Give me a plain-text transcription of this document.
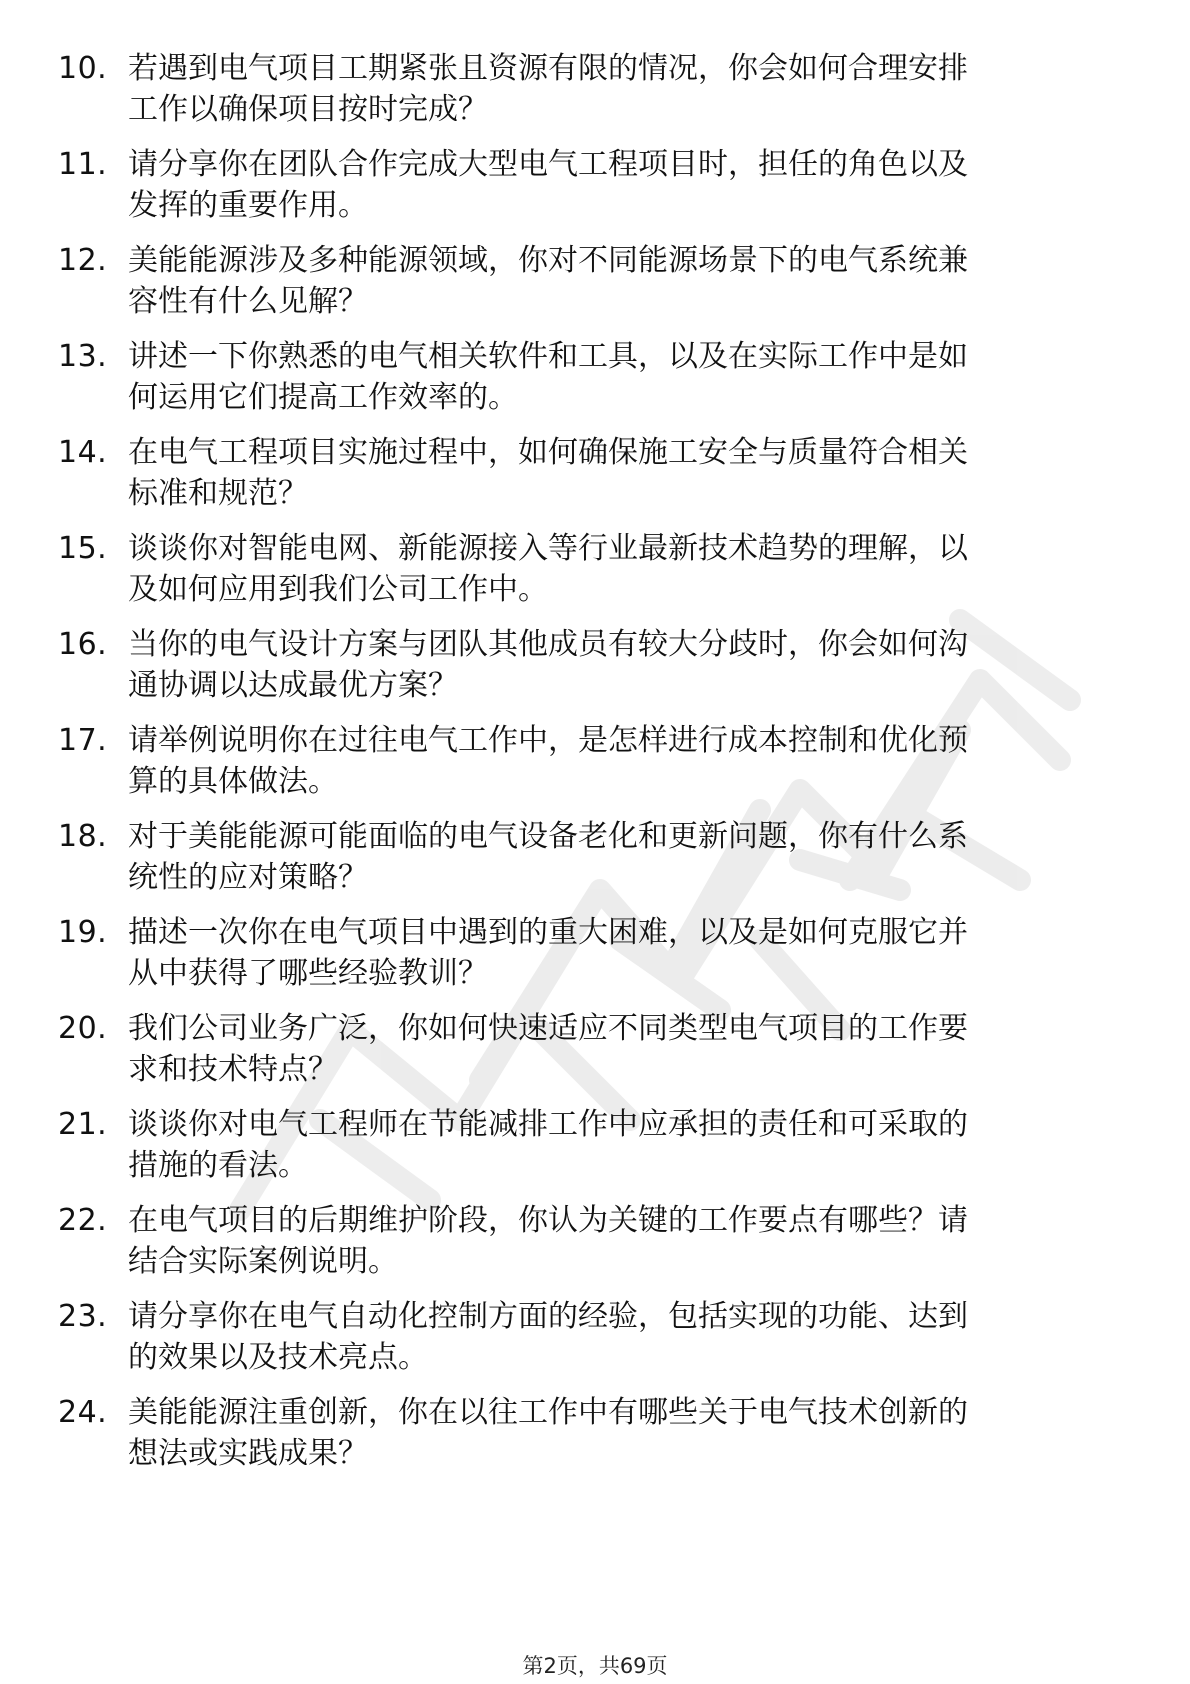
10. 若遇到电气项目工期紧张且资源有限的情况，你会如何合理安排
工作以确保项目按时完成？
11. 请分享你在团队合作完成大型电气工程项目时，担任的角色以及
发挥的重要作用。
12. 美能能源涉及多种能源领域，你对不同能源场景下的电气系统兼
容性有什么见解？
13. 讲述一下你熟悉的电气相关软件和工具，以及在实际工作中是如
何运用它们提高工作效率的。
14. 在电气工程项目实施过程中，如何确保施工安全与质量符合相关
标准和规范？
15. 谈谈你对智能电网、新能源接入等行业最新技术趋势的理解，以
及如何应用到我们公司工作中。
16. 当你的电气设计方案与团队其他成员有较大分歧时，你会如何沟
通协调以达成最优方案？
17. 请举例说明你在过往电气工作中，是怎样进行成本控制和优化预
算的具体做法。
18. 对于美能能源可能面临的电气设备老化和更新问题，你有什么系
统性的应对策略？
19. 描述一次你在电气项目中遇到的重大困难，以及是如何克服它并
从中获得了哪些经验教训？
20. 我们公司业务广泛，你如何快速适应不同类型电气项目的工作要
求和技术特点？
21. 谈谈你对电气工程师在节能减排工作中应承担的责任和可采取的
措施的看法。
22. 在电气项目的后期维护阶段，你认为关键的工作要点有哪些？请
结合实际案例说明。
23. 请分享你在电气自动化控制方面的经验，包括实现的功能、达到
的效果以及技术亮点。
24. 美能能源注重创新，你在以往工作中有哪些关于电气技术创新的
想法或实践成果？
第2页，共69页
